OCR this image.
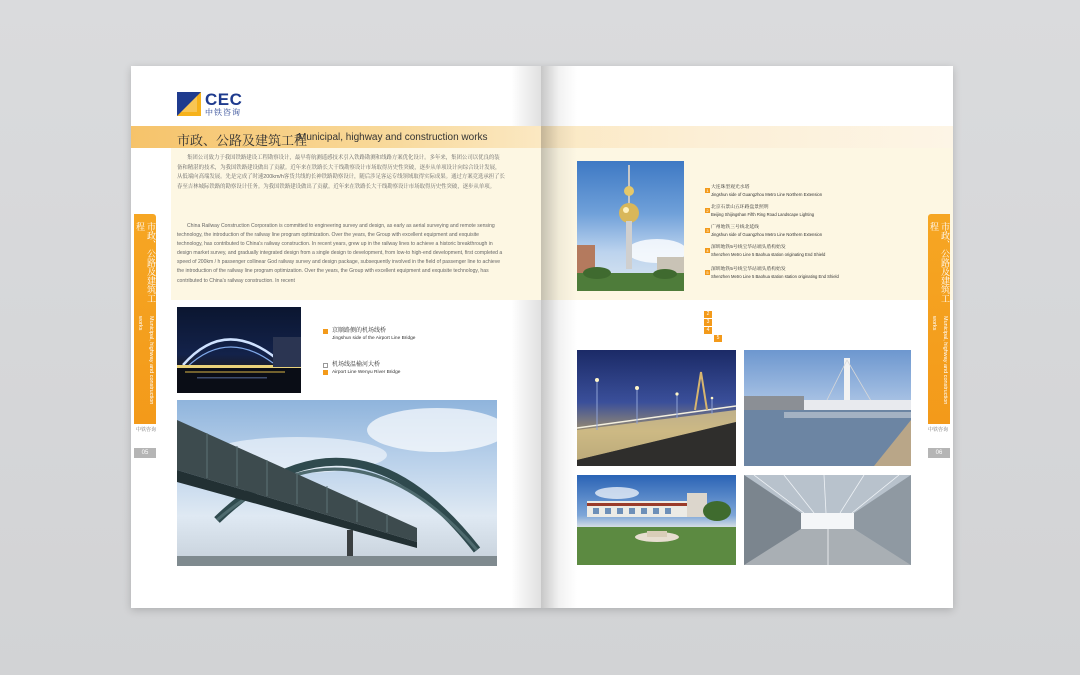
CEC
中铁咨询
市政、公路及建筑工程
Municipal, highway and construction works

集团公司致力于我国铁路建设工程勘察设计，最早将航测遥感技术引入铁路勘测和线路方案优化设计。多年来，集团公司以优良的装备和精湛的技术，为我国铁路建设做出了贡献。近年来在铁路长大干线勘察设计市场取得历史性突破，逐步从单项设计向综合设计发展，从低端向高端发展。先是完成了时速200km/h客货共线的长神铁路勘察设计，随后涉足客运专线领域取得实际成果。通过方案竞选承担了长春至吉林城际铁路的勘察设计任务。为我国铁路建设做出了贡献。近年来在铁路长大干线勘察设计市场取得历史性突破，逐步从单项。

China Railway Construction Corporation is committed to engineering survey and design, as early as aerial surveying and remote sensing technology, the introduction of the railway line program optimization. Over the years, the Group with excellent equipment and exquisite technology, has contributed to China's railway construction. In recent years, grew up in the railway lines to achieve a historic breakthrough in design market survey, and gradually integrated design from a single design to development, from low-to high-end development, first completed a speed of 200km / h passenger collinear God railway survey and design package, subsequently involved in the field of passenger line to achieve the introduction of the railway line program optimization. Over the years, the Group with excellent equipment and exquisite technology, has contributed to China's railway construction. In recent

市政、公路及建筑工程
Municipal, highway and construction works
中铁咨询
05
京顺路侧的机场线桥
Jingshun side of the Airport Line Bridge
机场线温榆河大桥
Airport Line Wenyu River Bridge
1
大连珠型观光水塔
Jingshun side of Guangzhou Metro Line Northern Extension
2
北京石景山五环路盘景照明
Beijing Shijingshan Fifth Ring Road Landscape Lighting
3
广州地铁三号线北延线
Jingshun side of Guangzhou Metro Line Northern Extension
4
深圳地铁5号线宝华站端头盾构始发
Shenzhen Metro Line 5 Baohua station originating End Shield
5
深圳地铁5号线宝华站端头盾构始发
Shenzhen Metro Line 5 Baohua station station originating End Shield
2
3
4
5
市政、公路及建筑工程
Municipal, highway and construction works
中铁咨询
06
